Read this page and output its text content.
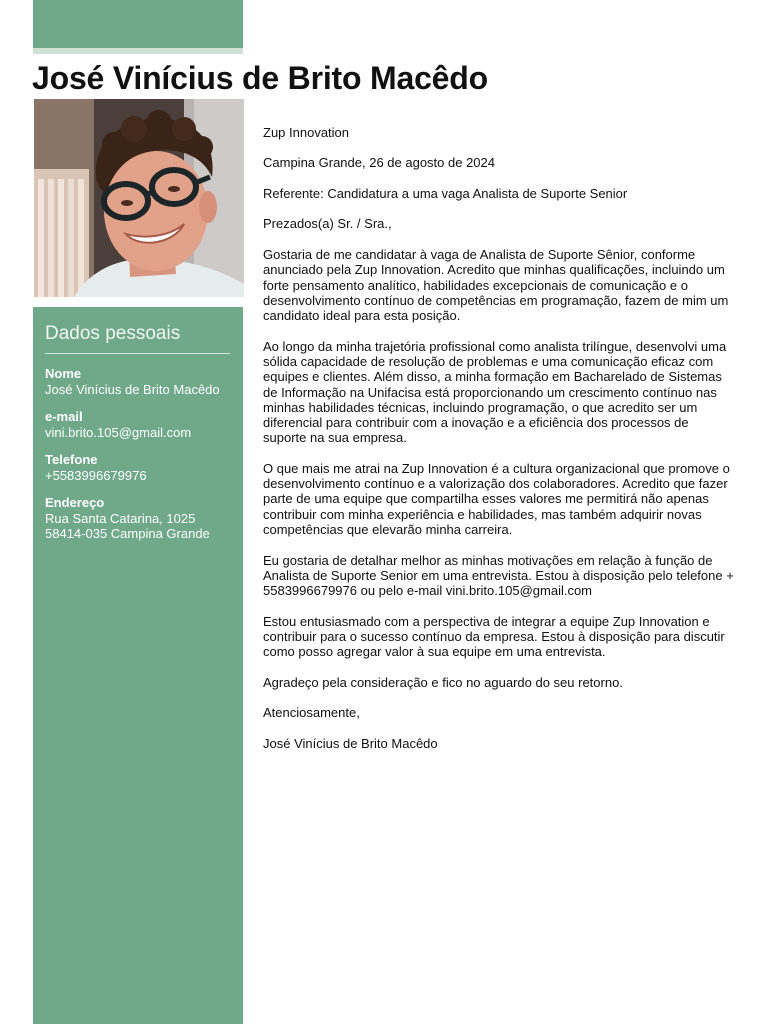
José Vinícius de Brito Macêdo
Dados pessoais
Nome
José Vinícius de Brito Macêdo
e-mail
vini.brito.105@gmail.com
Telefone
+5583996679976
Endereço
Rua Santa Catarina, 1025
58414-035 Campina Grande

Zup Innovation

Campina Grande, 26 de agosto de 2024

Referente: Candidatura a uma vaga Analista de Suporte Senior

Prezados(a) Sr. / Sra.,

Gostaria de me candidatar à vaga de Analista de Suporte Sênior, conforme anunciado pela Zup Innovation. Acredito que minhas qualificações, incluindo um forte pensamento analítico, habilidades excepcionais de comunicação e o desenvolvimento contínuo de competências em programação, fazem de mim um candidato ideal para esta posição.

Ao longo da minha trajetória profissional como analista trilíngue, desenvolvi uma sólida capacidade de resolução de problemas e uma comunicação eficaz com equipes e clientes. Além disso, a minha formação em Bacharelado de Sistemas de Informação na Unifacisa está proporcionando um crescimento contínuo nas minhas habilidades técnicas, incluindo programação, o que acredito ser um diferencial para contribuir com a inovação e a eficiência dos processos de suporte na sua empresa.

O que mais me atrai na Zup Innovation é a cultura organizacional que promove o desenvolvimento contínuo e a valorização dos colaboradores. Acredito que fazer parte de uma equipe que compartilha esses valores me permitirá não apenas contribuir com minha experiência e habilidades, mas também adquirir novas competências que elevarão minha carreira.

Eu gostaria de detalhar melhor as minhas motivações em relação à função de Analista de Suporte Senior em uma entrevista. Estou à disposição pelo telefone + 5583996679976 ou pelo e-mail vini.brito.105@gmail.com

Estou entusiasmado com a perspectiva de integrar a equipe Zup Innovation e contribuir para o sucesso contínuo da empresa. Estou à disposição para discutir como posso agregar valor à sua equipe em uma entrevista.

Agradeço pela consideração e fico no aguardo do seu retorno.

Atenciosamente,

José Vinícius de Brito Macêdo
